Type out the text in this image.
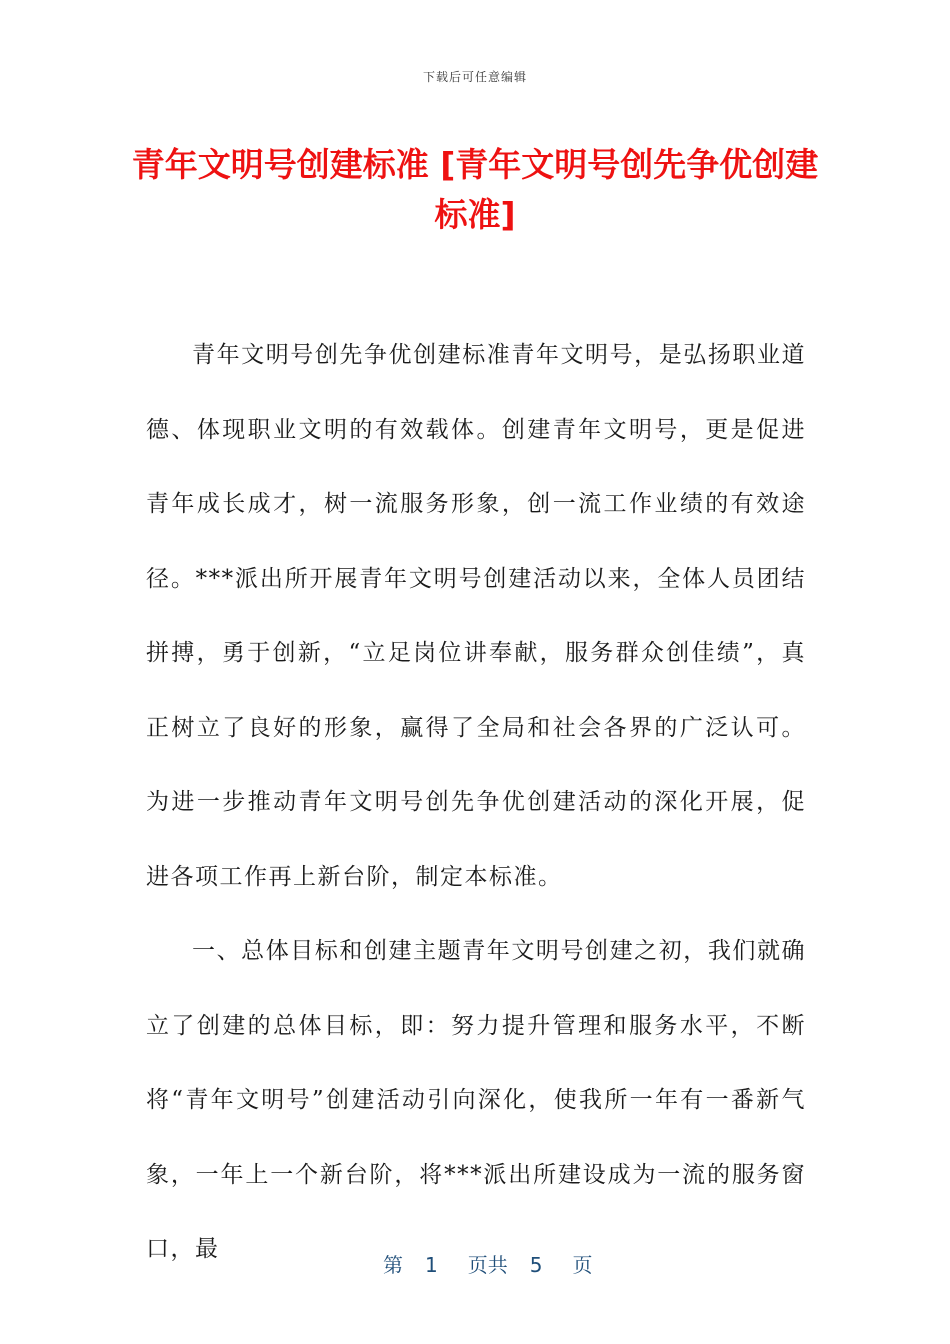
下载后可任意编辑
青年文明号创建标准 [青年文明号创先争优创建标准]

青年文明号创先争优创建标准青年文明号，是弘扬职业道德、体现职业文明的有效载体。创建青年文明号，更是促进青年成长成才，树一流服务形象，创一流工作业绩的有效途径。***派出所开展青年文明号创建活动以来，全体人员团结拼搏，勇于创新，“立足岗位讲奉献，服务群众创佳绩”，真正树立了良好的形象，赢得了全局和社会各界的广泛认可。为进一步推动青年文明号创先争优创建活动的深化开展，促进各项工作再上新台阶，制定本标准。

一、总体目标和创建主题青年文明号创建之初，我们就确立了创建的总体目标，即：努力提升管理和服务水平，不断将“青年文明号”创建活动引向深化，使我所一年有一番新气象，一年上一个新台阶，将***派出所建设成为一流的服务窗口，最

第 1 页共 5 页
